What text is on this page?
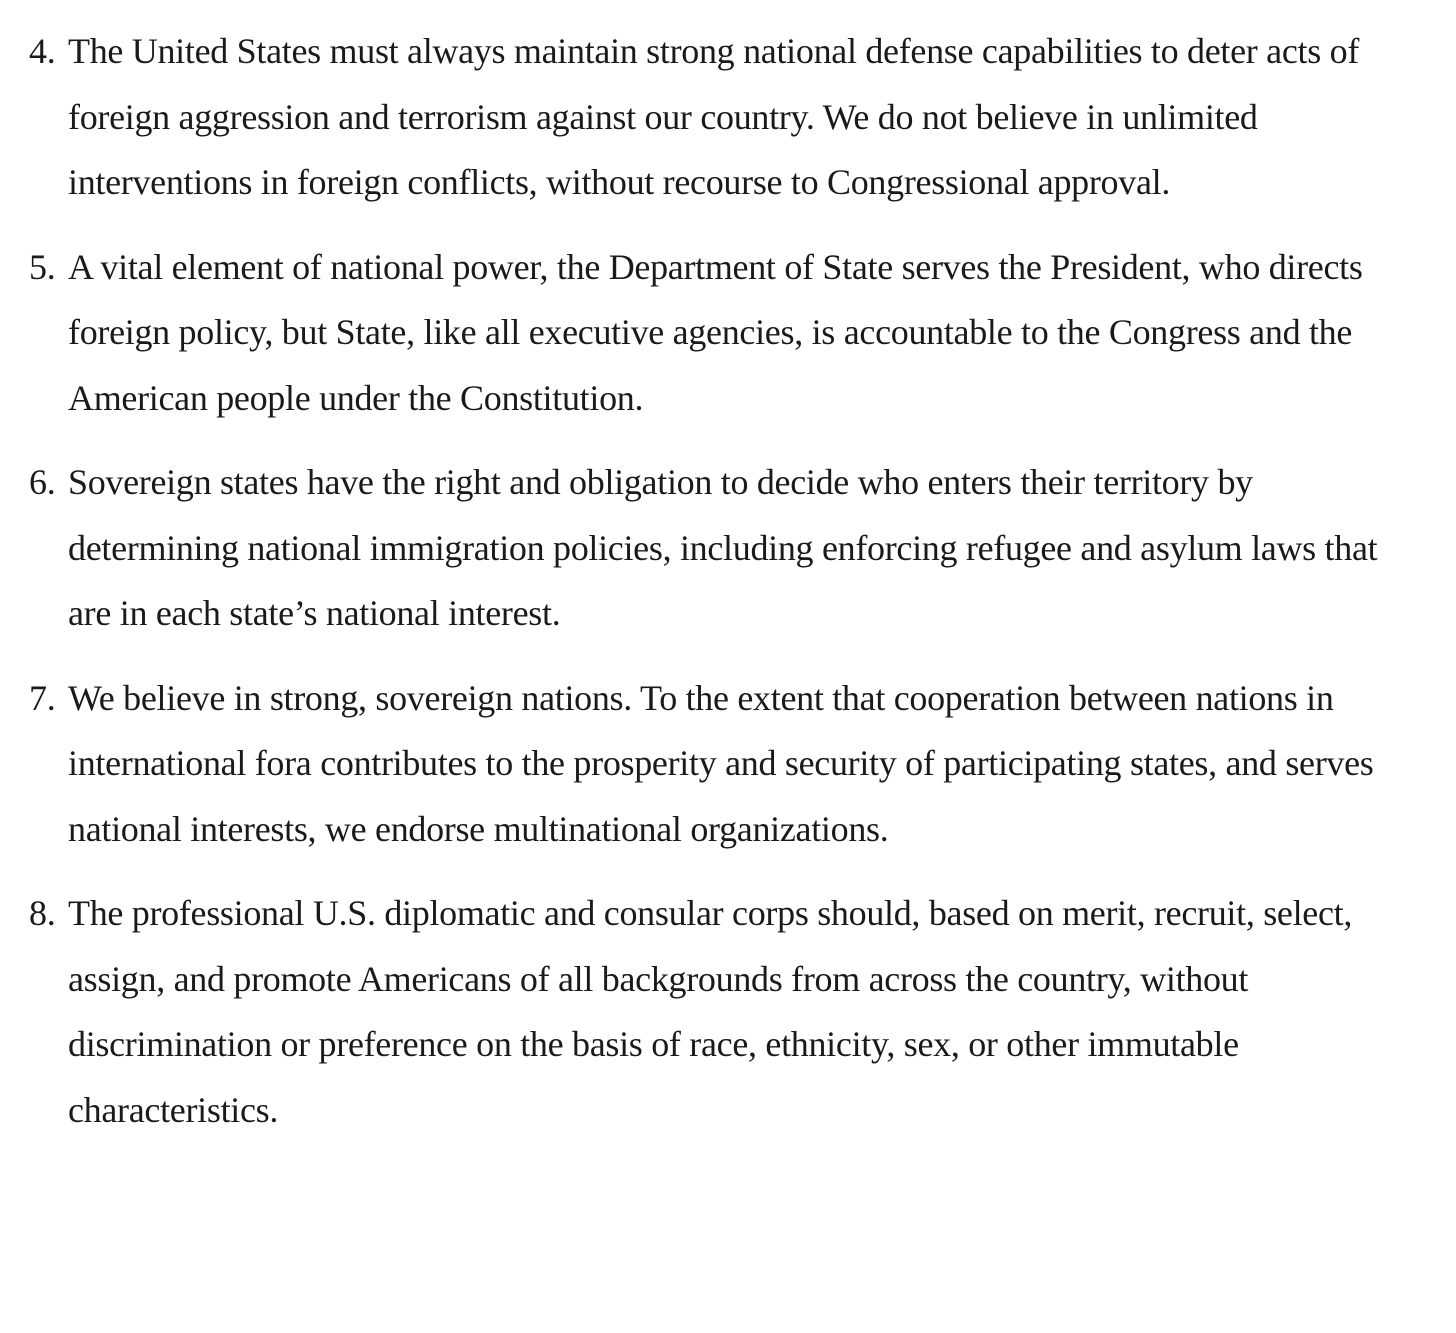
4. The United States must always maintain strong national defense capabilities to deter acts of foreign aggression and terrorism against our country. We do not believe in unlimited interventions in foreign conflicts, without recourse to Congressional approval.
5. A vital element of national power, the Department of State serves the President, who directs foreign policy, but State, like all executive agencies, is accountable to the Congress and the American people under the Constitution.
6. Sovereign states have the right and obligation to decide who enters their territory by determining national immigration policies, including enforcing refugee and asylum laws that are in each state’s national interest.
7. We believe in strong, sovereign nations. To the extent that cooperation between nations in international fora contributes to the prosperity and security of participating states, and serves national interests, we endorse multinational organizations.
8. The professional U.S. diplomatic and consular corps should, based on merit, recruit, select, assign, and promote Americans of all backgrounds from across the country, without discrimination or preference on the basis of race, ethnicity, sex, or other immutable characteristics.
